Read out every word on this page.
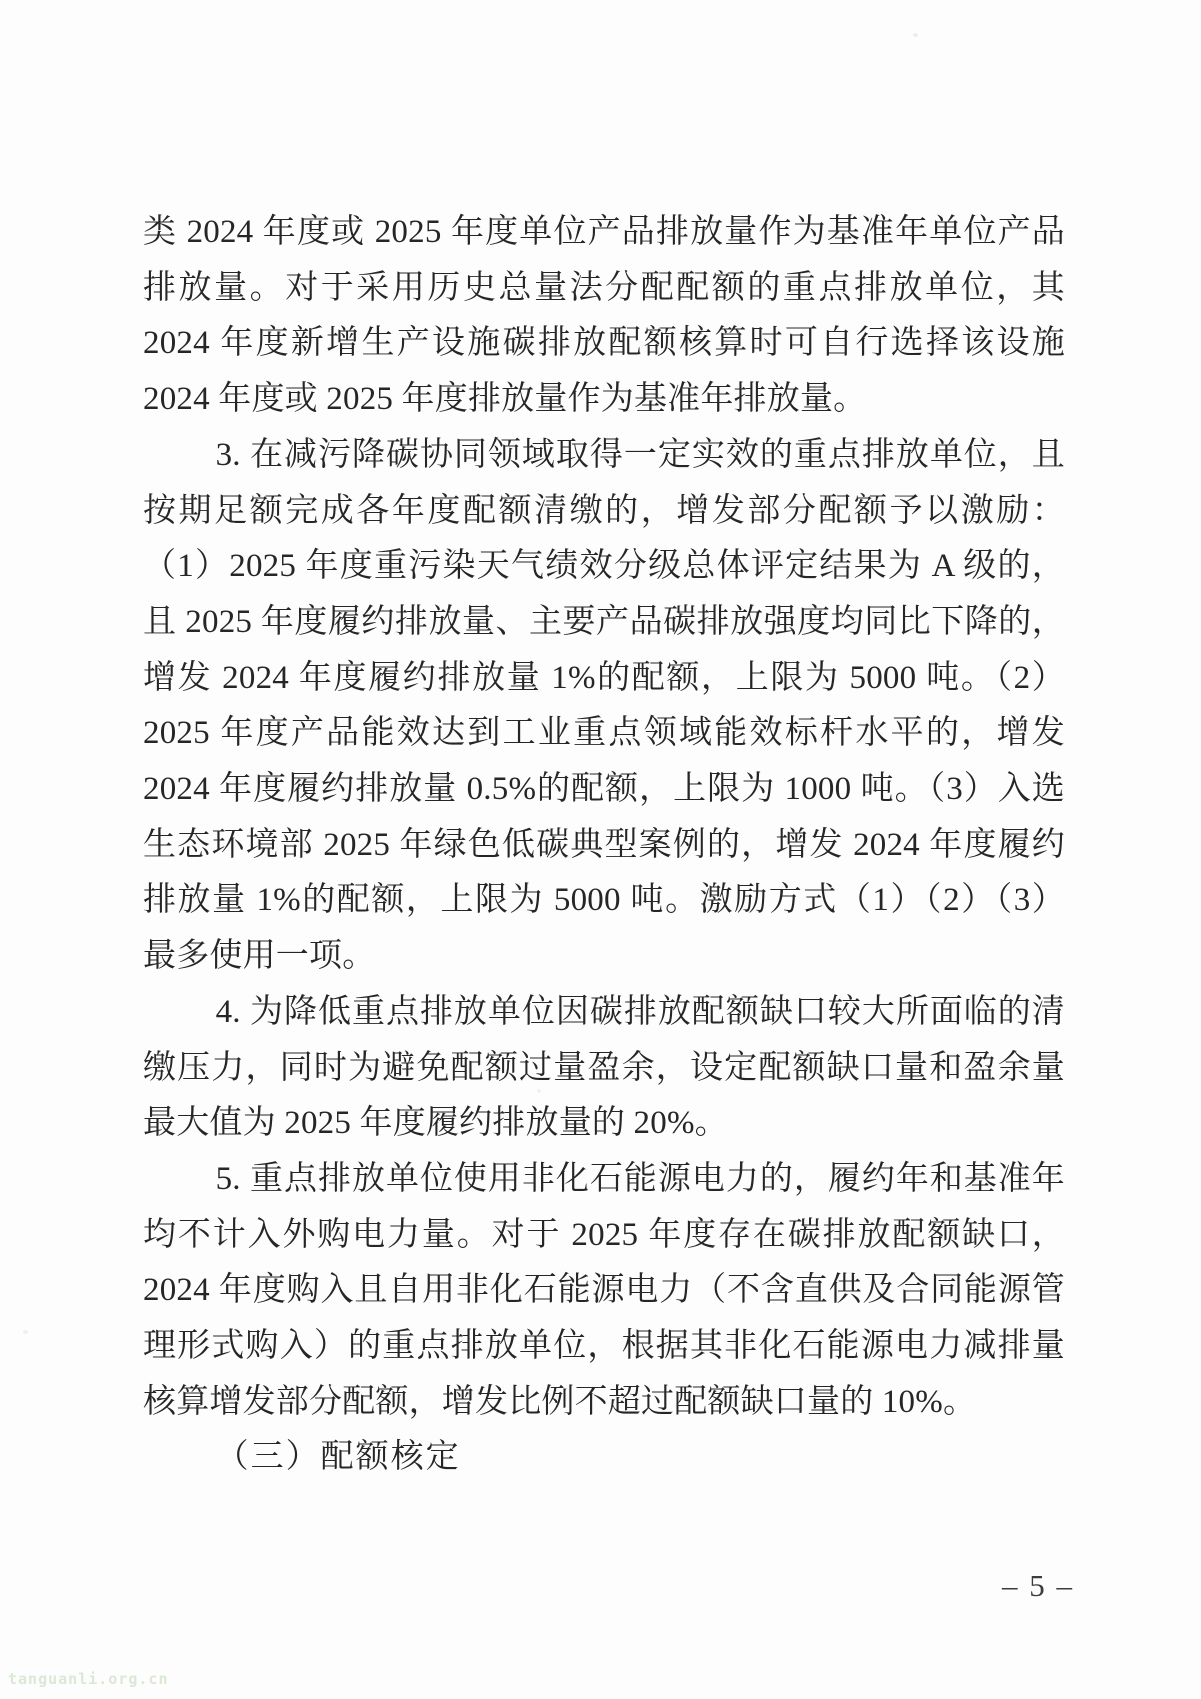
类 2024 年度或 2025 年度单位产品排放量作为基准年单位产品
排放量。对于采用历史总量法分配配额的重点排放单位，其
2024 年度新增生产设施碳排放配额核算时可自行选择该设施
2024 年度或 2025 年度排放量作为基准年排放量。
3. 在减污降碳协同领域取得一定实效的重点排放单位，且
按期足额完成各年度配额清缴的，增发部分配额予以激励：
（1）2025 年度重污染天气绩效分级总体评定结果为 A 级的，
且 2025 年度履约排放量、主要产品碳排放强度均同比下降的，
增发 2024 年度履约排放量 1%的配额，上限为 5000 吨。（2）
2025 年度产品能效达到工业重点领域能效标杆水平的，增发
2024 年度履约排放量 0.5%的配额，上限为 1000 吨。（3）入选
生态环境部 2025 年绿色低碳典型案例的，增发 2024 年度履约
排放量 1%的配额，上限为 5000 吨。激励方式（1）（2）（3）
最多使用一项。
4. 为降低重点排放单位因碳排放配额缺口较大所面临的清
缴压力，同时为避免配额过量盈余，设定配额缺口量和盈余量
最大值为 2025 年度履约排放量的 20%。
5. 重点排放单位使用非化石能源电力的，履约年和基准年
均不计入外购电力量。对于 2025 年度存在碳排放配额缺口，
2024 年度购入且自用非化石能源电力（不含直供及合同能源管
理形式购入）的重点排放单位，根据其非化石能源电力减排量
核算增发部分配额，增发比例不超过配额缺口量的 10%。
（三）配额核定
– 5 –
tanguanli.org.cn
